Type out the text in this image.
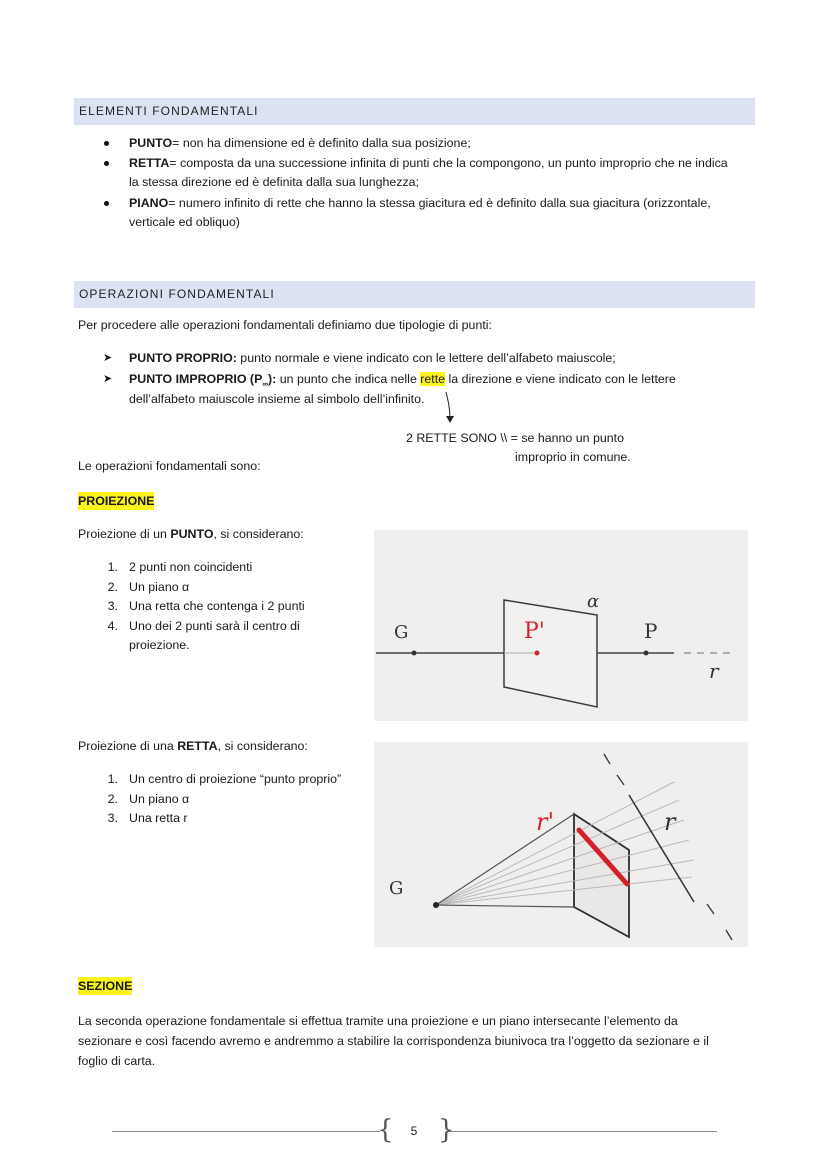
ELEMENTI FONDAMENTALI
PUNTO= non ha dimensione ed è definito dalla sua posizione;
RETTA= composta da una successione infinita di punti che la compongono, un punto improprio che ne indica
la stessa direzione ed è definita dalla sua lunghezza;
PIANO= numero infinito di rette che hanno la stessa giacitura ed è definito dalla sua giacitura (orizzontale,
verticale ed obliquo)
OPERAZIONI FONDAMENTALI
Per procedere alle operazioni fondamentali definiamo due tipologie di punti:
➤ PUNTO PROPRIO: punto normale e viene indicato con le lettere dell’alfabeto maiuscole;
➤ PUNTO IMPROPRIO $(P_\infty)$: un punto che indica nelle rette la direzione e viene indicato con le lettere
dell’alfabeto maiuscole insieme al simbolo dell’infinito.
2 RETTE SONO \\ = se hanno un punto
improprio in comune.
Le operazioni fondamentali sono:
PROIEZIONE
Proiezione di un PUNTO, si considerano:
1. 2 punti non coincidenti
2. Un piano α
3. Una retta che contenga i 2 punti
4. Uno dei 2 punti sarà il centro di
proiezione.
G	P'
α
P
r
Proiezione di una RETTA, si considerano:
1. Un centro di proiezione “punto proprio”
2. Un piano α
3. Una retta r
G
r'	r
SEZIONE
La seconda operazione fondamentale si effettua tramite una proiezione e un piano intersecante l’elemento da
sezionare e così facendo avremo e andremmo a stabilire la corrispondenza biunivoca tra l’oggetto da sezionare e il
foglio di carta.
{ }
5
